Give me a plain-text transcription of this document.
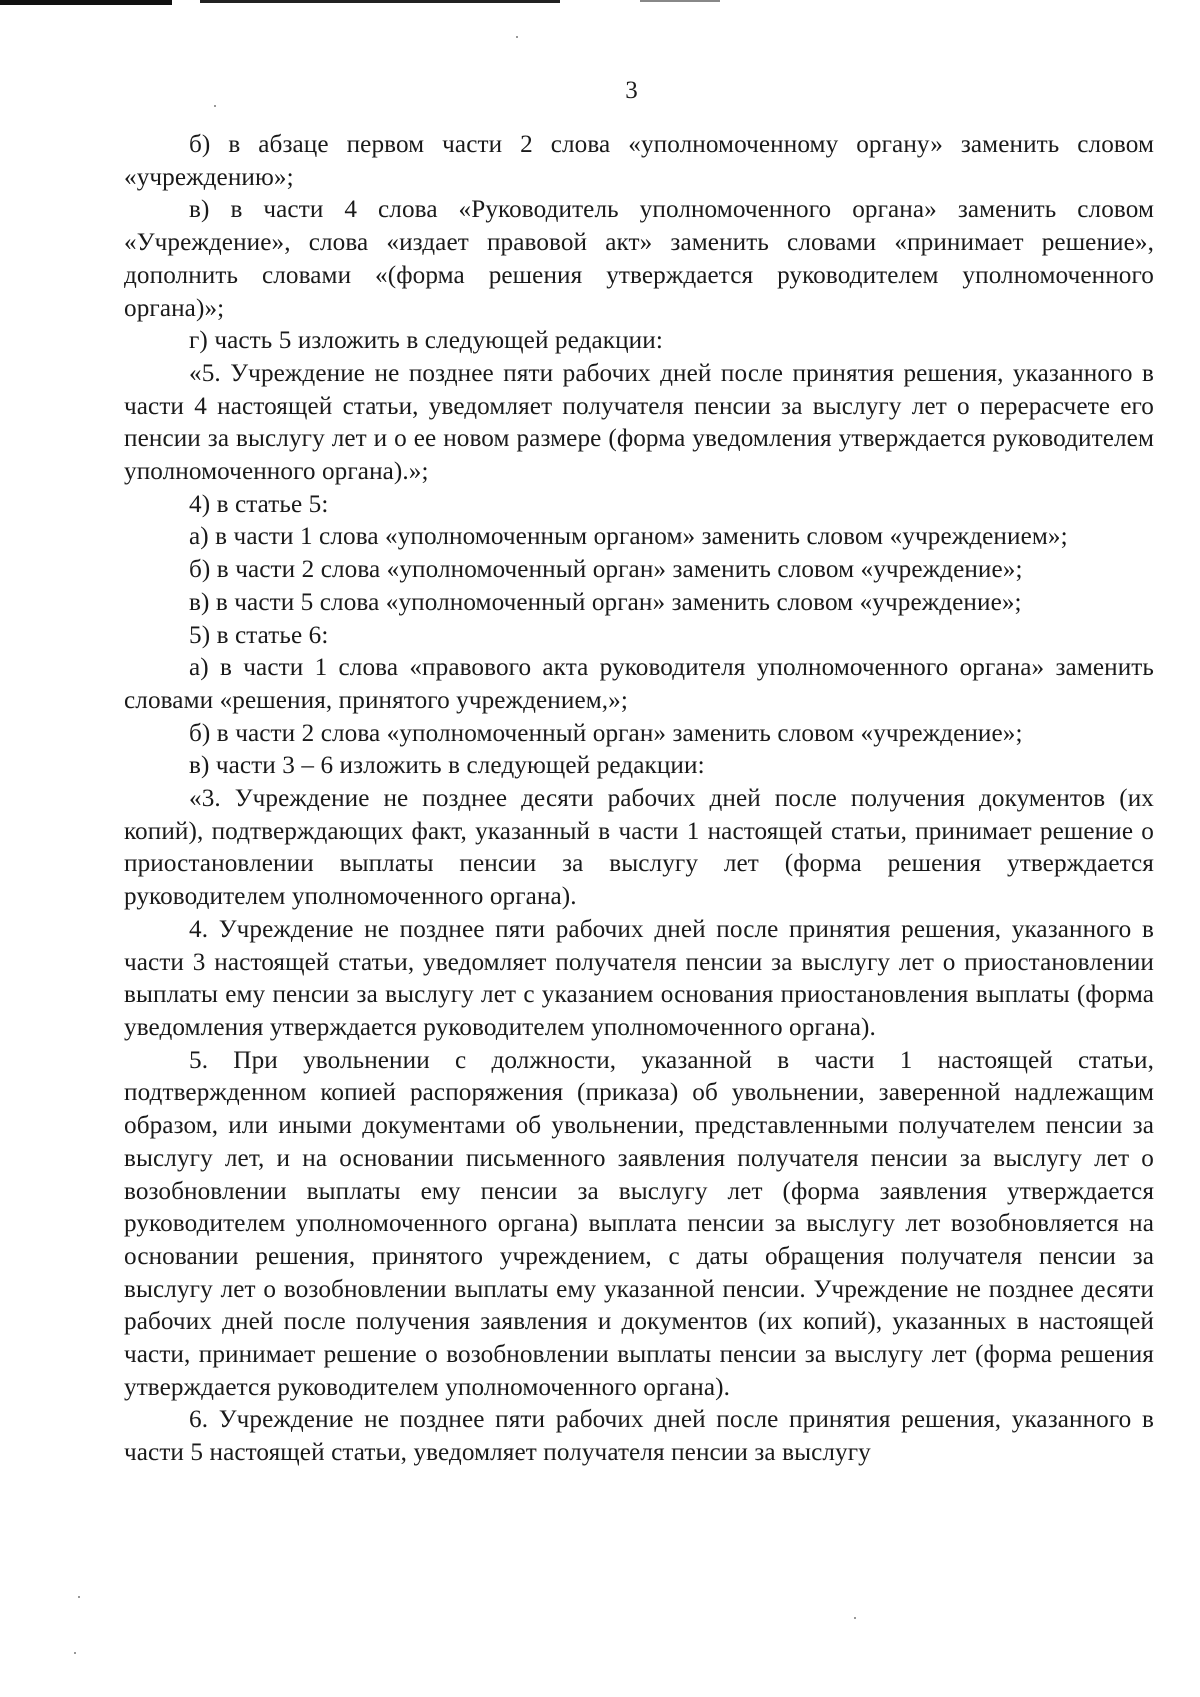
3

б) в абзаце первом части 2 слова «уполномоченному органу» заменить словом «учреждению»;

в) в части 4 слова «Руководитель уполномоченного органа» заменить словом «Учреждение», слова «издает правовой акт» заменить словами «принимает решение», дополнить словами «(форма решения утверждается руководителем уполномоченного органа)»;

г) часть 5 изложить в следующей редакции:

«5. Учреждение не позднее пяти рабочих дней после принятия решения, указанного в части 4 настоящей статьи, уведомляет получателя пенсии за выслугу лет о перерасчете его пенсии за выслугу лет и о ее новом размере (форма уведомления утверждается руководителем уполномоченного органа).»;

4) в статье 5:

а) в части 1 слова «уполномоченным органом» заменить словом «учреждением»;

б) в части 2 слова «уполномоченный орган» заменить словом «учреждение»;

в) в части 5 слова «уполномоченный орган» заменить словом «учреждение»;

5) в статье 6:

а) в части 1 слова «правового акта руководителя уполномоченного органа» заменить словами «решения, принятого учреждением,»;

б) в части 2 слова «уполномоченный орган» заменить словом «учреждение»;

в) части 3 – 6 изложить в следующей редакции:

«3. Учреждение не позднее десяти рабочих дней после получения документов (их копий), подтверждающих факт, указанный в части 1 настоящей статьи, принимает решение о приостановлении выплаты пенсии за выслугу лет (форма решения утверждается руководителем уполномоченного органа).

4. Учреждение не позднее пяти рабочих дней после принятия решения, указанного в части 3 настоящей статьи, уведомляет получателя пенсии за выслугу лет о приостановлении выплаты ему пенсии за выслугу лет с указанием основания приостановления выплаты (форма уведомления утверждается руководителем уполномоченного органа).

5. При увольнении с должности, указанной в части 1 настоящей статьи, подтвержденном копией распоряжения (приказа) об увольнении, заверенной надлежащим образом, или иными документами об увольнении, представленными получателем пенсии за выслугу лет, и на основании письменного заявления получателя пенсии за выслугу лет о возобновлении выплаты ему пенсии за выслугу лет (форма заявления утверждается руководителем уполномоченного органа) выплата пенсии за выслугу лет возобновляется на основании решения, принятого учреждением, с даты обращения получателя пенсии за выслугу лет о возобновлении выплаты ему указанной пенсии. Учреждение не позднее десяти рабочих дней после получения заявления и документов (их копий), указанных в настоящей части, принимает решение о возобновлении выплаты пенсии за выслугу лет (форма решения утверждается руководителем уполномоченного органа).

6. Учреждение не позднее пяти рабочих дней после принятия решения, указанного в части 5 настоящей статьи, уведомляет получателя пенсии за выслугу
